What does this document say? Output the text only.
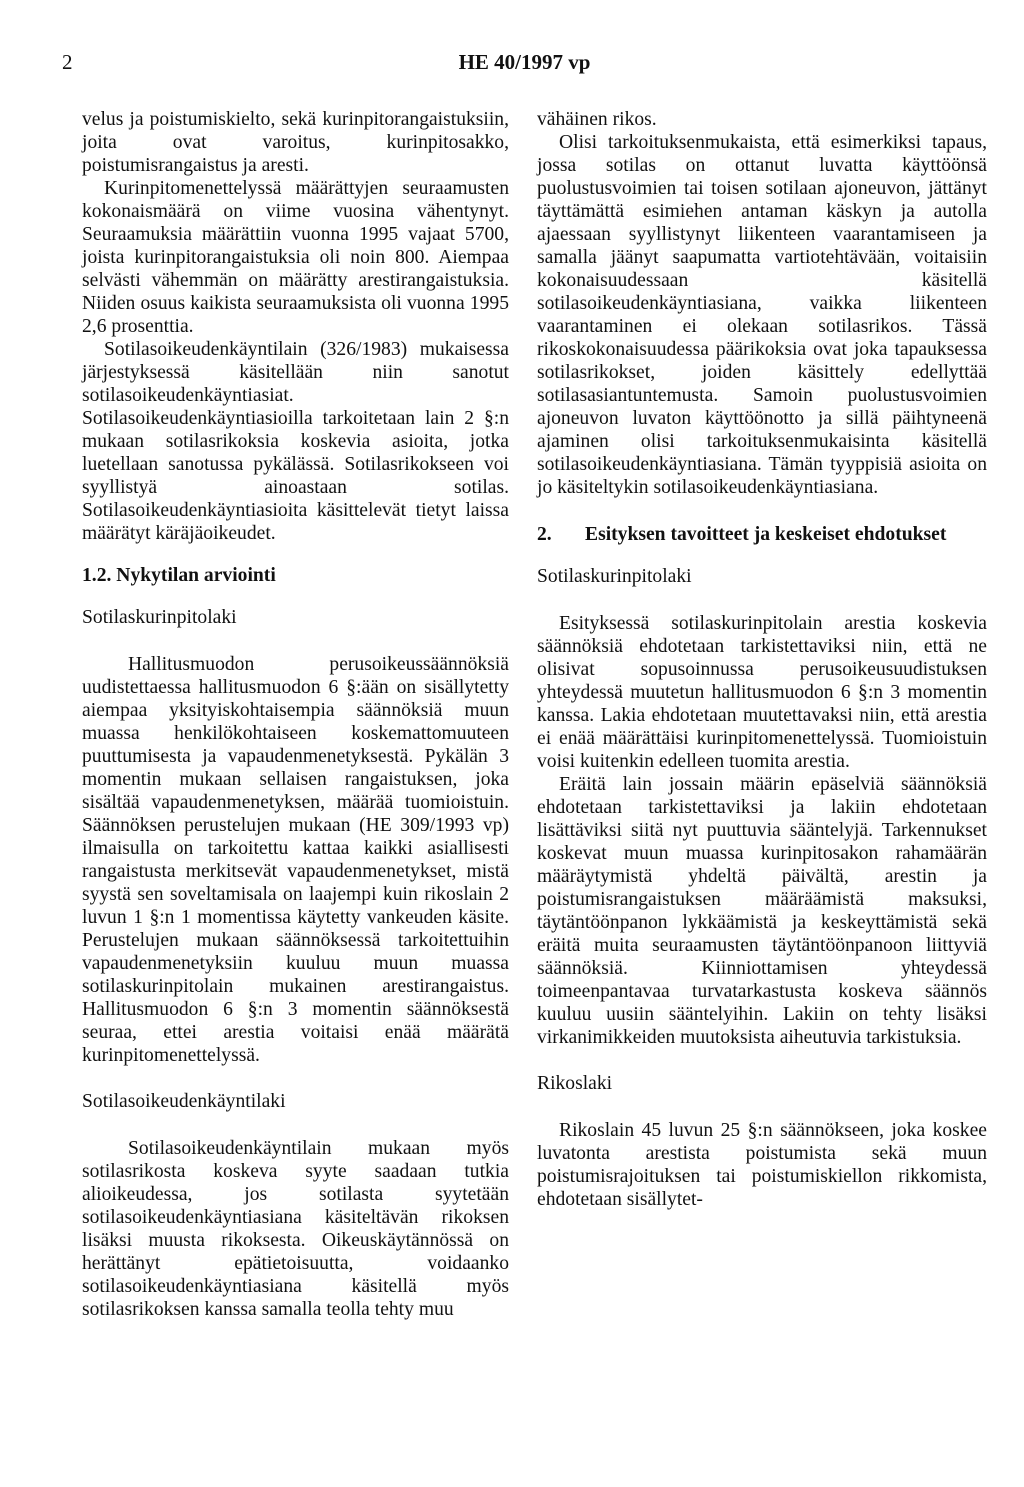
2	HE 40/1997 vp

velus ja poistumiskielto, sekä kurinpitorangaistuksiin, joita ovat varoitus, kurinpitosakko, poistumisrangaistus ja aresti.

Kurinpitomenettelyssä määrättyjen seuraamusten kokonaismäärä on viime vuosina vähentynyt. Seuraamuksia määrättiin vuonna 1995 vajaat 5700, joista kurinpitorangaistuksia oli noin 800. Aiempaa selvästi vähemmän on määrätty arestirangaistuksia. Niiden osuus kaikista seuraamuksista oli vuonna 1995 2,6 prosenttia.

Sotilasoikeudenkäyntilain (326/1983) mukaisessa järjestyksessä käsitellään niin sanotut sotilasoikeudenkäyntiasiat. Sotilasoikeudenkäyntiasioilla tarkoitetaan lain 2 §:n mukaan sotilasrikoksia koskevia asioita, jotka luetellaan sanotussa pykälässä. Sotilasrikokseen voi syyllistyä ainoastaan sotilas. Sotilasoikeudenkäyntiasioita käsittelevät tietyt laissa määrätyt käräjäoikeudet.

1.2. Nykytilan arviointi
Sotilaskurinpitolaki

Hallitusmuodon perusoikeussäännöksiä uudistettaessa hallitusmuodon 6 §:ään on sisällytetty aiempaa yksityiskohtaisempia säännöksiä muun muassa henkilökohtaiseen koskemattomuuteen puuttumisesta ja vapaudenmenetyksestä. Pykälän 3 momentin mukaan sellaisen rangaistuksen, joka sisältää vapaudenmenetyksen, määrää tuomioistuin. Säännöksen perustelujen mukaan (HE 309/1993 vp) ilmaisulla on tarkoitettu kattaa kaikki asiallisesti rangaistusta merkitsevät vapaudenmenetykset, mistä syystä sen soveltamisala on laajempi kuin rikoslain 2 luvun 1 §:n 1 momentissa käytetty vankeuden käsite. Perustelujen mukaan säännöksessä tarkoitettuihin vapaudenmenetyksiin kuuluu muun muassa sotilaskurinpitolain mukainen arestirangaistus. Hallitusmuodon 6 §:n 3 momentin säännöksestä seuraa, ettei arestia voitaisi enää määrätä kurinpitomenettelyssä.

Sotilasoikeudenkäyntilaki

Sotilasoikeudenkäyntilain mukaan myös sotilasrikosta koskeva syyte saadaan tutkia alioikeudessa, jos sotilasta syytetään sotilasoikeudenkäyntiasiana käsiteltävän rikoksen lisäksi muusta rikoksesta. Oikeuskäytännössä on herättänyt epätietoisuutta, voidaanko sotilasoikeudenkäyntiasiana käsitellä myös sotilasrikoksen kanssa samalla teolla tehty muu

vähäinen rikos.

Olisi tarkoituksenmukaista, että esimerkiksi tapaus, jossa sotilas on ottanut luvatta käyttöönsä puolustusvoimien tai toisen sotilaan ajoneuvon, jättänyt täyttämättä esimiehen antaman käskyn ja autolla ajaessaan syyllistynyt liikenteen vaarantamiseen ja samalla jäänyt saapumatta vartiotehtävään, voitaisiin kokonaisuudessaan käsitellä sotilasoikeudenkäyntiasiana, vaikka liikenteen vaarantaminen ei olekaan sotilasrikos. Tässä rikoskokonaisuudessa päärikoksia ovat joka tapauksessa sotilasrikokset, joiden käsittely edellyttää sotilasasiantuntemusta. Samoin puolustusvoimien ajoneuvon luvaton käyttöönotto ja sillä päihtyneenä ajaminen olisi tarkoituksenmukaisinta käsitellä sotilasoikeudenkäyntiasiana. Tämän tyyppisiä asioita on jo käsiteltykin sotilasoikeudenkäyntiasiana.

2.	Esityksen tavoitteet ja keskeiset ehdotukset
Sotilaskurinpitolaki

Esityksessä sotilaskurinpitolain arestia koskevia säännöksiä ehdotetaan tarkistettaviksi niin, että ne olisivat sopusoinnussa perusoikeusuudistuksen yhteydessä muutetun hallitusmuodon 6 §:n 3 momentin kanssa. Lakia ehdotetaan muutettavaksi niin, että arestia ei enää määrättäisi kurinpitomenettelyssä. Tuomioistuin voisi kuitenkin edelleen tuomita arestia.

Eräitä lain jossain määrin epäselviä säännöksiä ehdotetaan tarkistettaviksi ja lakiin ehdotetaan lisättäviksi siitä nyt puuttuvia sääntelyjä. Tarkennukset koskevat muun muassa kurinpitosakon rahamäärän määräytymistä yhdeltä päivältä, arestin ja poistumisrangaistuksen määräämistä maksuksi, täytäntöönpanon lykkäämistä ja keskeyttämistä sekä eräitä muita seuraamusten täytäntöönpanoon liittyviä säännöksiä. Kiinniottamisen yhteydessä toimeenpantavaa turvatarkastusta koskeva säännös kuuluu uusiin sääntelyihin. Lakiin on tehty lisäksi virkanimikkeiden muutoksista aiheutuvia tarkistuksia.

Rikoslaki

Rikoslain 45 luvun 25 §:n säännökseen, joka koskee luvatonta arestista poistumista sekä muun poistumisrajoituksen tai poistumiskiellon rikkomista, ehdotetaan sisällytet-
